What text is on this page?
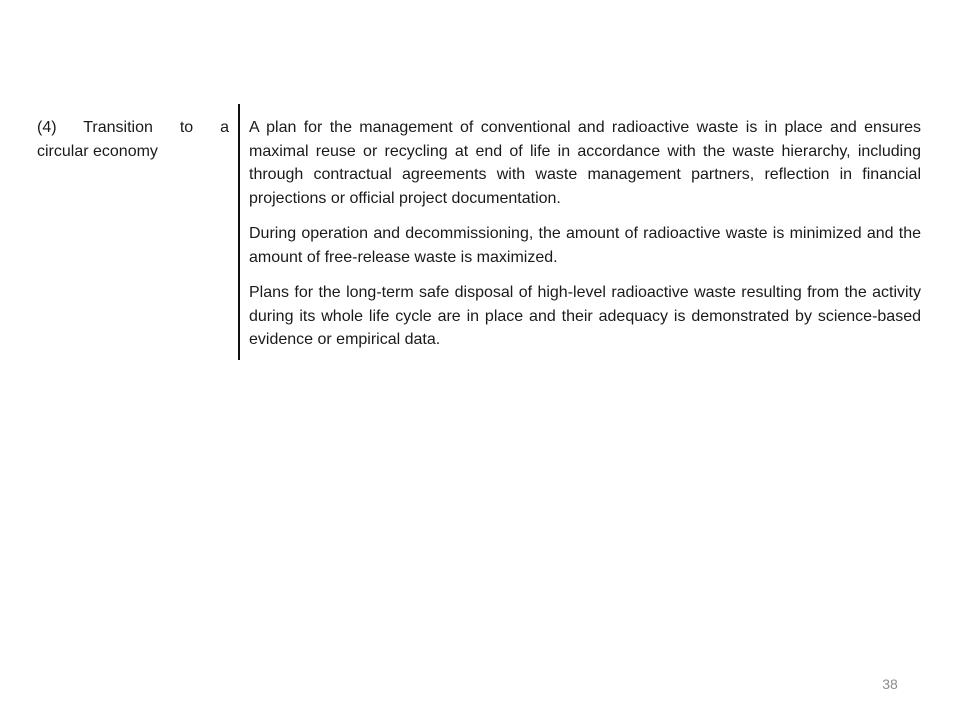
(4) Transition to a
circular economy

A plan for the management of conventional and radioactive waste is in place and ensures maximal reuse or recycling at end of life in accordance with the waste hierarchy, including through contractual agreements with waste management partners, reflection in financial projections or official project documentation.

During operation and decommissioning, the amount of radioactive waste is minimized and the amount of free-release waste is maximized.

Plans for the long-term safe disposal of high-level radioactive waste resulting from the activity during its whole life cycle are in place and their adequacy is demonstrated by science-based evidence or empirical data.

38
